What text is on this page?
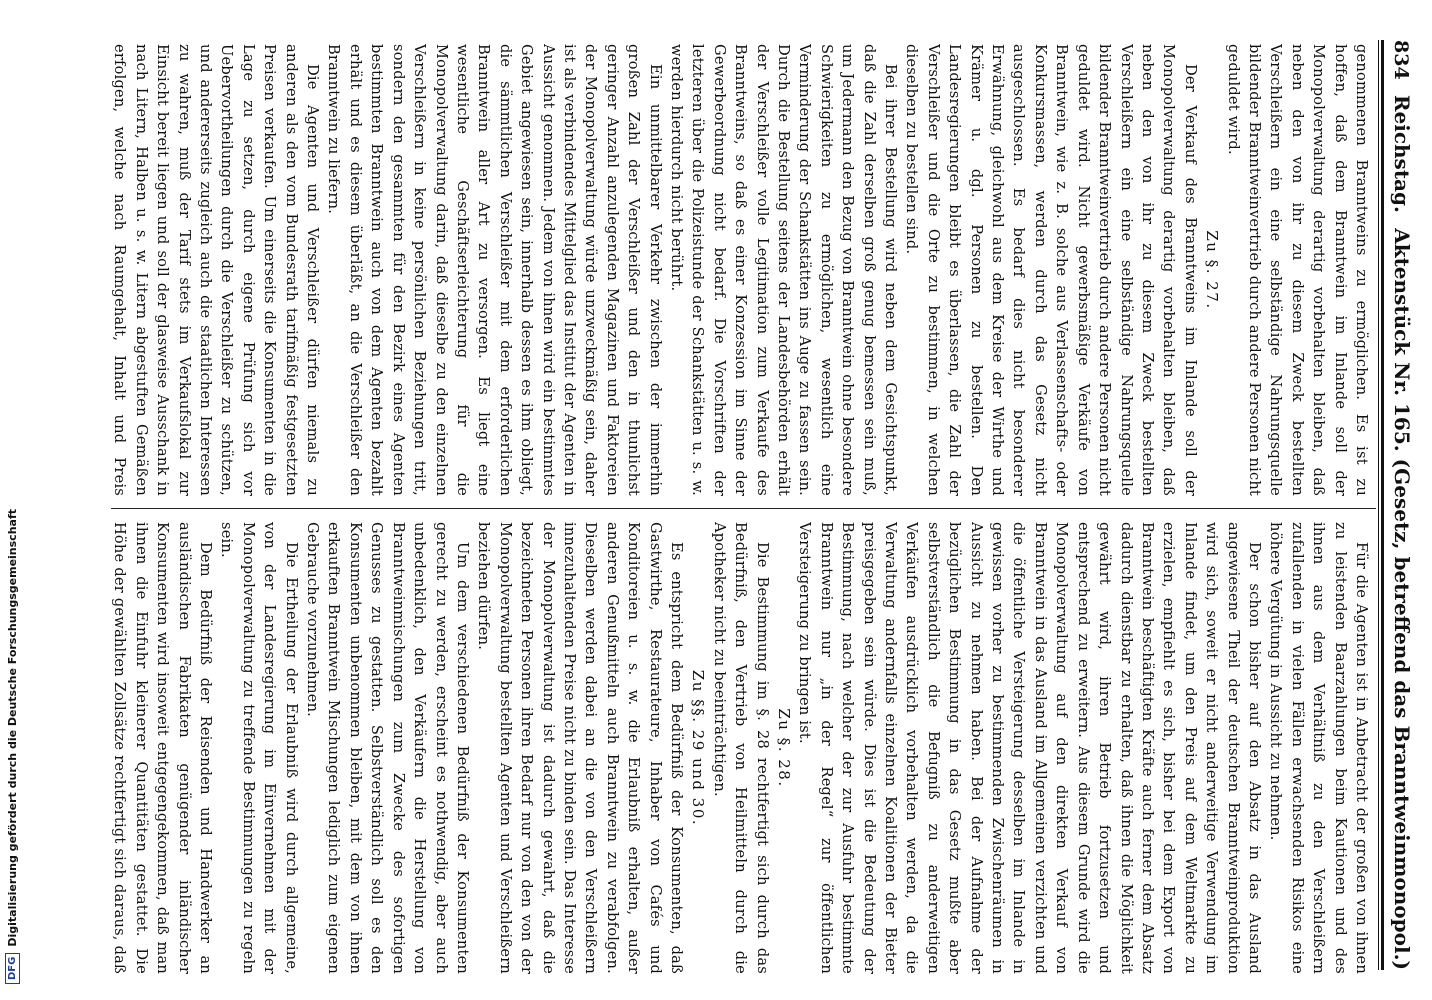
DFG
Digitalisierung gefördert durch die Deutsche Forschungsgemeinschaft
834
Reichstag.
Aktenstück Nr. 165. (Gesetz, betreffend das Branntweinmonopol.)

genommenen Branntweins zu ermöglichen. Es ist zu hoffen, daß dem Branntwein im Inlande soll der Monopolverwaltung derartig vorbehalten bleiben, daß neben den von ihr zu diesem Zweck bestellten Verschleißern ein eine selbständige Nahrungsquelle bildender Branntweinvertrieb durch andere Personen nicht geduldet wird.

Zu §. 27.

Der Verkauf des Branntweins im Inlande soll der Monopolverwaltung derartig vorbehalten bleiben, daß neben den von ihr zu diesem Zweck bestellten Verschleißern ein eine selbständige Nahrungsquelle bildender Branntweinvertrieb durch andere Personen nicht geduldet wird. Nicht gewerbsmäßige Verkäufe von Branntwein, wie z. B. solche aus Verlassenschafts- oder Konkursmassen, werden durch das Gesetz nicht ausgeschlossen. Es bedarf dies nicht besonderer Erwähnung, gleichwohl aus dem Kreise der Wirthe und Krämer u. dgl. Personen zu bestellen. Den Landesregierungen bleibt es überlassen, die Zahl der Verschleißer und die Orte zu bestimmen, in welchen dieselben zu bestellen sind.

Bei ihrer Bestellung wird neben dem Gesichtspunkt, daß die Zahl derselben groß genug bemessen sein muß, um Jedermann den Bezug von Branntwein ohne besondere Schwierigkeiten zu ermöglichen, wesentlich eine Verminderung der Schankstätten ins Auge zu fassen sein. Durch die Bestellung seitens der Landesbehörden erhält der Verschleißer volle Legitimation zum Verkaufe des Branntweins, so daß es einer Konzession im Sinne der Gewerbeordnung nicht bedarf. Die Vorschriften der letzteren über die Polizeistunde der Schankstätten u. s. w. werden hierdurch nicht berührt.

Ein unmittelbarer Verkehr zwischen der immerhin großen Zahl der Verschleißer und den in thunlichst geringer Anzahl anzulegenden Magazinen und Faktoreien der Monopolverwaltung würde unzweckmäßig sein, daher ist als verbindendes Mittelglied das Institut der Agenten in Aussicht genommen. Jedem von ihnen wird ein bestimmtes Gebiet angewiesen sein, innerhalb dessen es ihm obliegt, die sämmtlichen Verschleißer mit dem erforderlichen Branntwein aller Art zu versorgen. Es liegt eine wesentliche Geschäftserleichterung für die Monopolverwaltung darin, daß dieselbe zu den einzelnen Verschleißern in keine persönlichen Beziehungen tritt, sondern den gesammten für den Bezirk eines Agenten bestimmten Branntwein auch von dem Agenten bezahlt erhält und es diesem überläßt, an die Verschleißer den Branntwein zu liefern.

Die Agenten und Verschleißer dürfen niemals zu anderen als den vom Bundesrath tarifmäßig festgesetzten Preisen verkaufen. Um einerseits die Konsumenten in die Lage zu setzen, durch eigene Prüfung sich vor Uebervortheilungen durch die Verschleißer zu schützen, und andererseits zugleich auch die staatlichen Interessen zu wahren, muß der Tarif stets im Verkaufslokal zur Einsicht bereit liegen und soll der glasweise Ausschank in nach Litern, Halben u. s. w. Litern abgestuften Gemäßen erfolgen, welche nach Raumgehalt, Inhalt und Preis

Für die Agenten ist in Anbetracht der großen von ihnen zu leistenden Baarzahlungen beim Kautionen und des ihnen aus dem Verhältniß zu den Verschleißern zufallenden in vielen Fällen erwachsenden Risikos eine höhere Vergütung in Aussicht zu nehmen.

Der schon bisher auf den Absatz in das Ausland angewiesene Theil der deutschen Branntweinproduktion wird sich, soweit er nicht anderweitige Verwendung im Inlande findet, um den Preis auf dem Weltmarkte zu erzielen, empfiehlt es sich, bisher bei dem Export von Branntwein beschäftigten Kräfte auch ferner dem Absatz dadurch dienstbar zu erhalten, daß ihnen die Möglichkeit gewährt wird, ihren Betrieb fortzusetzen und entsprechend zu erweitern. Aus diesem Grunde wird die Monopolverwaltung auf den direkten Verkauf von Branntwein in das Ausland im Allgemeinen verzichten und die öffentliche Versteigerung desselben im Inlande in gewissen vorher zu bestimmenden Zwischenräumen in Aussicht zu nehmen haben. Bei der Aufnahme der bezüglichen Bestimmung in das Gesetz mußte aber selbstverständlich die Befugniß zu anderweitigen Verkäufen ausdrücklich vorbehalten werden, da die Verwaltung andernfalls einzelnen Koalitionen der Bieter preisgegeben sein würde. Dies ist die Bedeutung der Bestimmung, nach welcher der zur Ausfuhr bestimmte Branntwein nur „in der Regel“ zur öffentlichen Versteigerung zu bringen ist.

Zu §. 28.

Die Bestimmung im §. 28 rechtfertigt sich durch das Bedürfniß, den Vertrieb von Heilmitteln durch die Apotheker nicht zu beeinträchtigen.

Zu §§. 29 und 30.

Es entspricht dem Bedürfniß der Konsumenten, daß Gastwirthe, Restaurateure, Inhaber von Cafés und Konditoreien u. s. w. die Erlaubniß erhalten, außer anderen Genußmitteln auch Branntwein zu verabfolgen. Dieselben werden dabei an die von den Verschleißern innezuhaltenden Preise nicht zu binden sein. Das Interesse der Monopolverwaltung ist dadurch gewahrt, daß die bezeichneten Personen ihren Bedarf nur von den von der Monopolverwaltung bestellten Agenten und Verschleißern beziehen dürfen.

Um dem verschiedenen Bedürfniß der Konsumenten gerecht zu werden, erscheint es nothwendig, aber auch unbedenklich, den Verkäufern die Herstellung von Branntweinmischungen zum Zwecke des sofortigen Genusses zu gestatten. Selbstverständlich soll es den Konsumenten unbenommen bleiben, mit dem von ihnen erkauften Branntwein Mischungen lediglich zum eigenen Gebrauche vorzunehmen.

Die Ertheilung der Erlaubniß wird durch allgemeine, von der Landesregierung im Einvernehmen mit der Monopolverwaltung zu treffende Bestimmungen zu regeln sein.

Dem Bedürfniß der Reisenden und Handwerker an ausländischen Fabrikaten genügender inländischer Konsumenten wird insoweit entgegengekommen, daß man ihnen die Einfuhr kleinerer Quantitäten gestattet. Die Höhe der gewählten Zollsätze rechtfertigt sich daraus, daß
